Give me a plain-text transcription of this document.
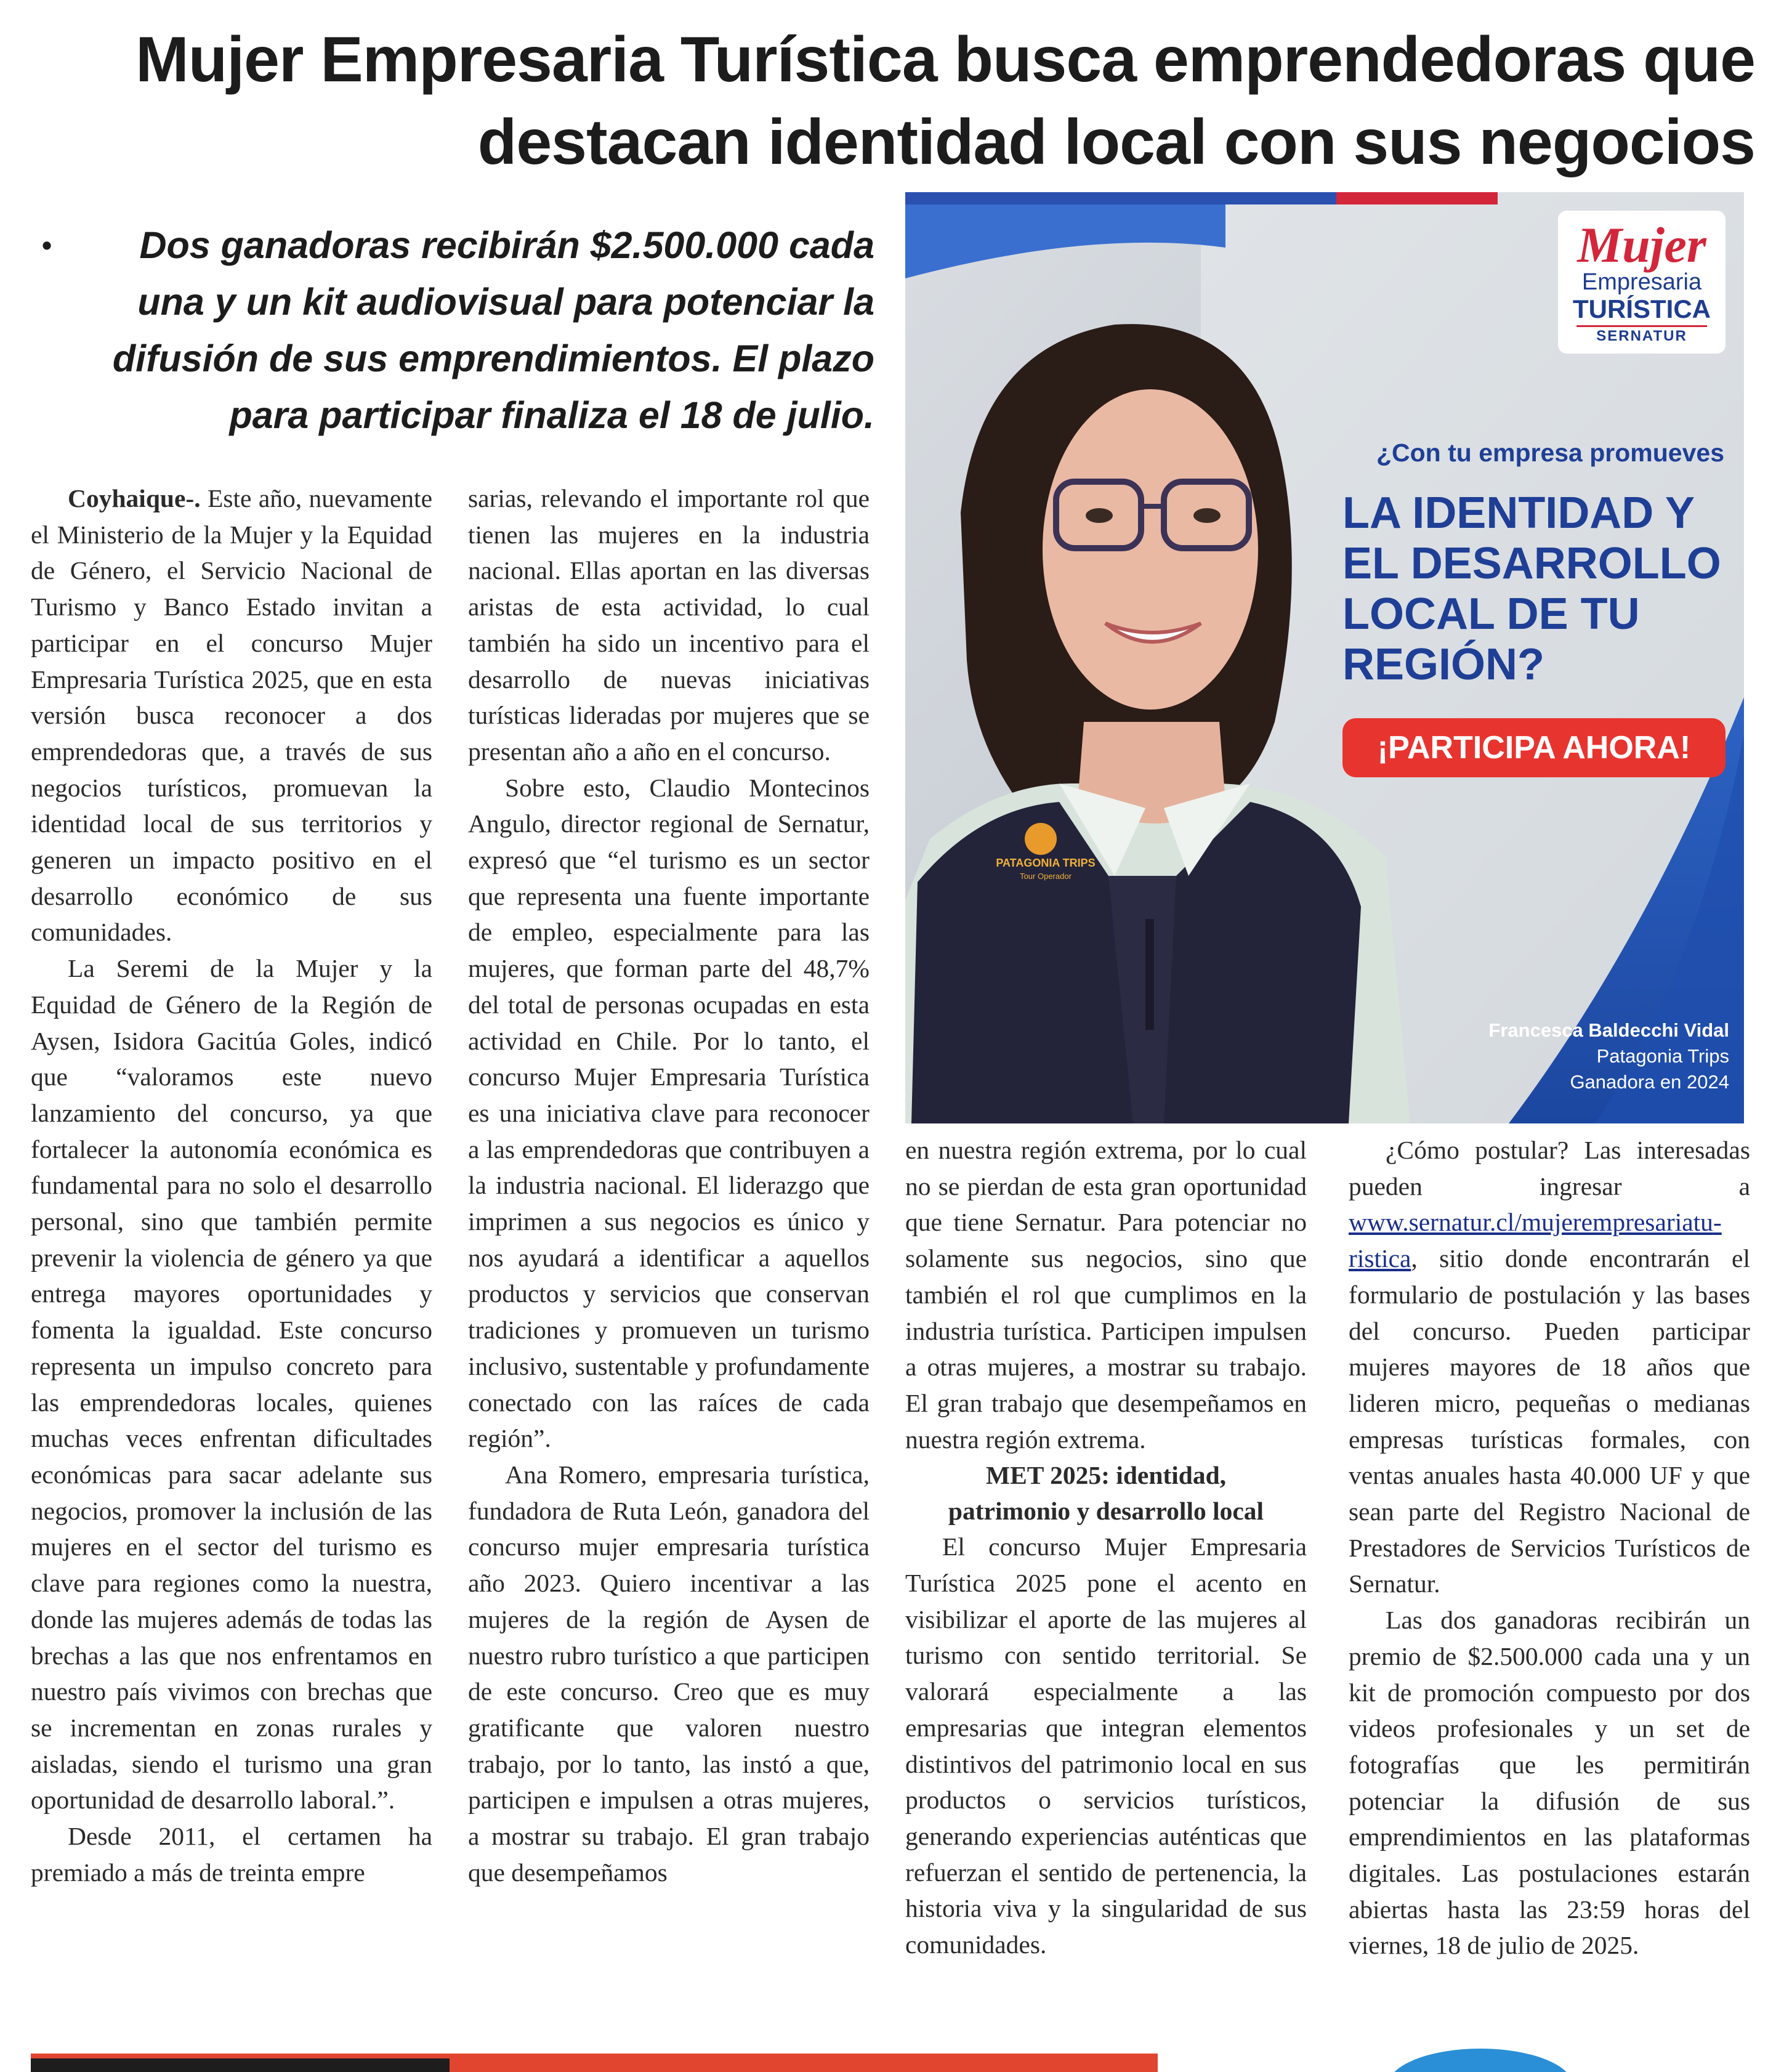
Mujer Empresaria Turística busca emprendedoras que
destacan identidad local con sus negocios
•	Dos ganadoras recibirán $2.500.000 cada
una y un kit audiovisual para potenciar la
difusión de sus emprendimientos. El plazo
para participar finaliza el 18 de julio.

Coyhaique-. Este año, nuevamente el Ministerio de la Mujer y la Equidad de Género, el Servicio Nacional de Turismo y Banco Estado invitan a participar en el concurso Mujer Empresaria Turística 2025, que en esta versión busca reconocer a dos emprendedoras que, a través de sus negocios turísticos, promuevan la identidad local de sus territorios y generen un impacto positivo en el desarrollo económico de sus comunidades.

La Seremi de la Mujer y la Equidad de Género de la Región de Aysen, Isidora Gacitúa Goles, indicó que “valoramos este nuevo lanzamiento del concurso, ya que fortalecer la autonomía económica es fundamental para no solo el desarrollo personal, sino que también permite prevenir la violencia de género ya que entrega mayores oportunidades y fomenta la igualdad. Este concurso representa un impulso concreto para las emprendedoras locales, quienes muchas veces enfrentan dificultades económicas para sacar adelante sus negocios, promover la inclusión de las mujeres en el sector del turismo es clave para regiones como la nuestra, donde las mujeres además de todas las brechas a las que nos enfrentamos en nuestro país vivimos con brechas que se incrementan en zonas rurales y aisladas, siendo el turismo una gran oportunidad de desarrollo laboral.”.

Desde 2011, el certamen ha premiado a más de treinta empre

sarias, relevando el importante rol que tienen las mujeres en la industria nacional. Ellas aportan en las diversas aristas de esta actividad, lo cual también ha sido un incentivo para el desarrollo de nuevas iniciativas turísticas lideradas por mujeres que se presentan año a año en el concurso.

Sobre esto, Claudio Montecinos Angulo, director regional de Sernatur, expresó que “el turismo es un sector que representa una fuente importante de empleo, especialmente para las mujeres, que forman parte del 48,7% del total de personas ocupadas en esta actividad en Chile. Por lo tanto, el concurso Mujer Empresaria Turística es una iniciativa clave para reconocer a las emprendedoras que contribuyen a la industria nacional. El liderazgo que imprimen a sus negocios es único y nos ayudará a identificar a aquellos productos y servicios que conservan tradiciones y promueven un turismo inclusivo, sustentable y profundamente conectado con las raíces de cada región”.

Ana Romero, empresaria turística, fundadora de Ruta León, ganadora del concurso mujer empresaria turística año 2023. Quiero incentivar a las mujeres de la región de Aysen de nuestro rubro turístico a que participen de este concurso. Creo que es muy gratificante que valoren nuestro trabajo, por lo tanto, las instó a que, participen e impulsen a otras mujeres, a mostrar su trabajo. El gran trabajo que desempeñamos

Mujer
Empresaria
TURÍSTICA
SERNATUR
¿Con tu empresa promueves
LA IDENTIDAD Y
EL DESARROLLO
LOCAL DE TU
REGIÓN?
¡PARTICIPA AHORA!
PATAGONIA TRIPS
Tour Operador
Francesca Baldecchi Vidal
Patagonia Trips
Ganadora en 2024

en nuestra región extrema, por lo cual no se pierdan de esta gran oportunidad que tiene Sernatur. Para potenciar no solamente sus negocios, sino que también el rol que cumplimos en la industria turística. Participen impulsen a otras mujeres, a mostrar su trabajo. El gran trabajo que desempeñamos en nuestra región extrema.

MET 2025: identidad,
patrimonio y desarrollo local

El concurso Mujer Empresaria Turística 2025 pone el acento en visibilizar el aporte de las mujeres al turismo con sentido territorial. Se valorará especialmente a las empresarias que integran elementos distintivos del patrimonio local en sus productos o servicios turísticos, generando experiencias auténticas que refuerzan el sentido de pertenencia, la historia viva y la singularidad de sus comunidades.

¿Cómo postular? Las interesadas pueden ingresar a www.sernatur.cl/mujerempresariaturistica, sitio donde encontrarán el formulario de postulación y las bases del concurso. Pueden participar mujeres mayores de 18 años que lideren micro, pequeñas o medianas empresas turísticas formales, con ventas anuales hasta 40.000 UF y que sean parte del Registro Nacional de Prestadores de Servicios Turísticos de Sernatur.

Las dos ganadoras recibirán un premio de $2.500.000 cada una y un kit de promoción compuesto por dos videos profesionales y un set de fotografías que les permitirán potenciar la difusión de sus emprendimientos en las plataformas digitales. Las postulaciones estarán abiertas hasta las 23:59 horas del viernes, 18 de julio de 2025.
